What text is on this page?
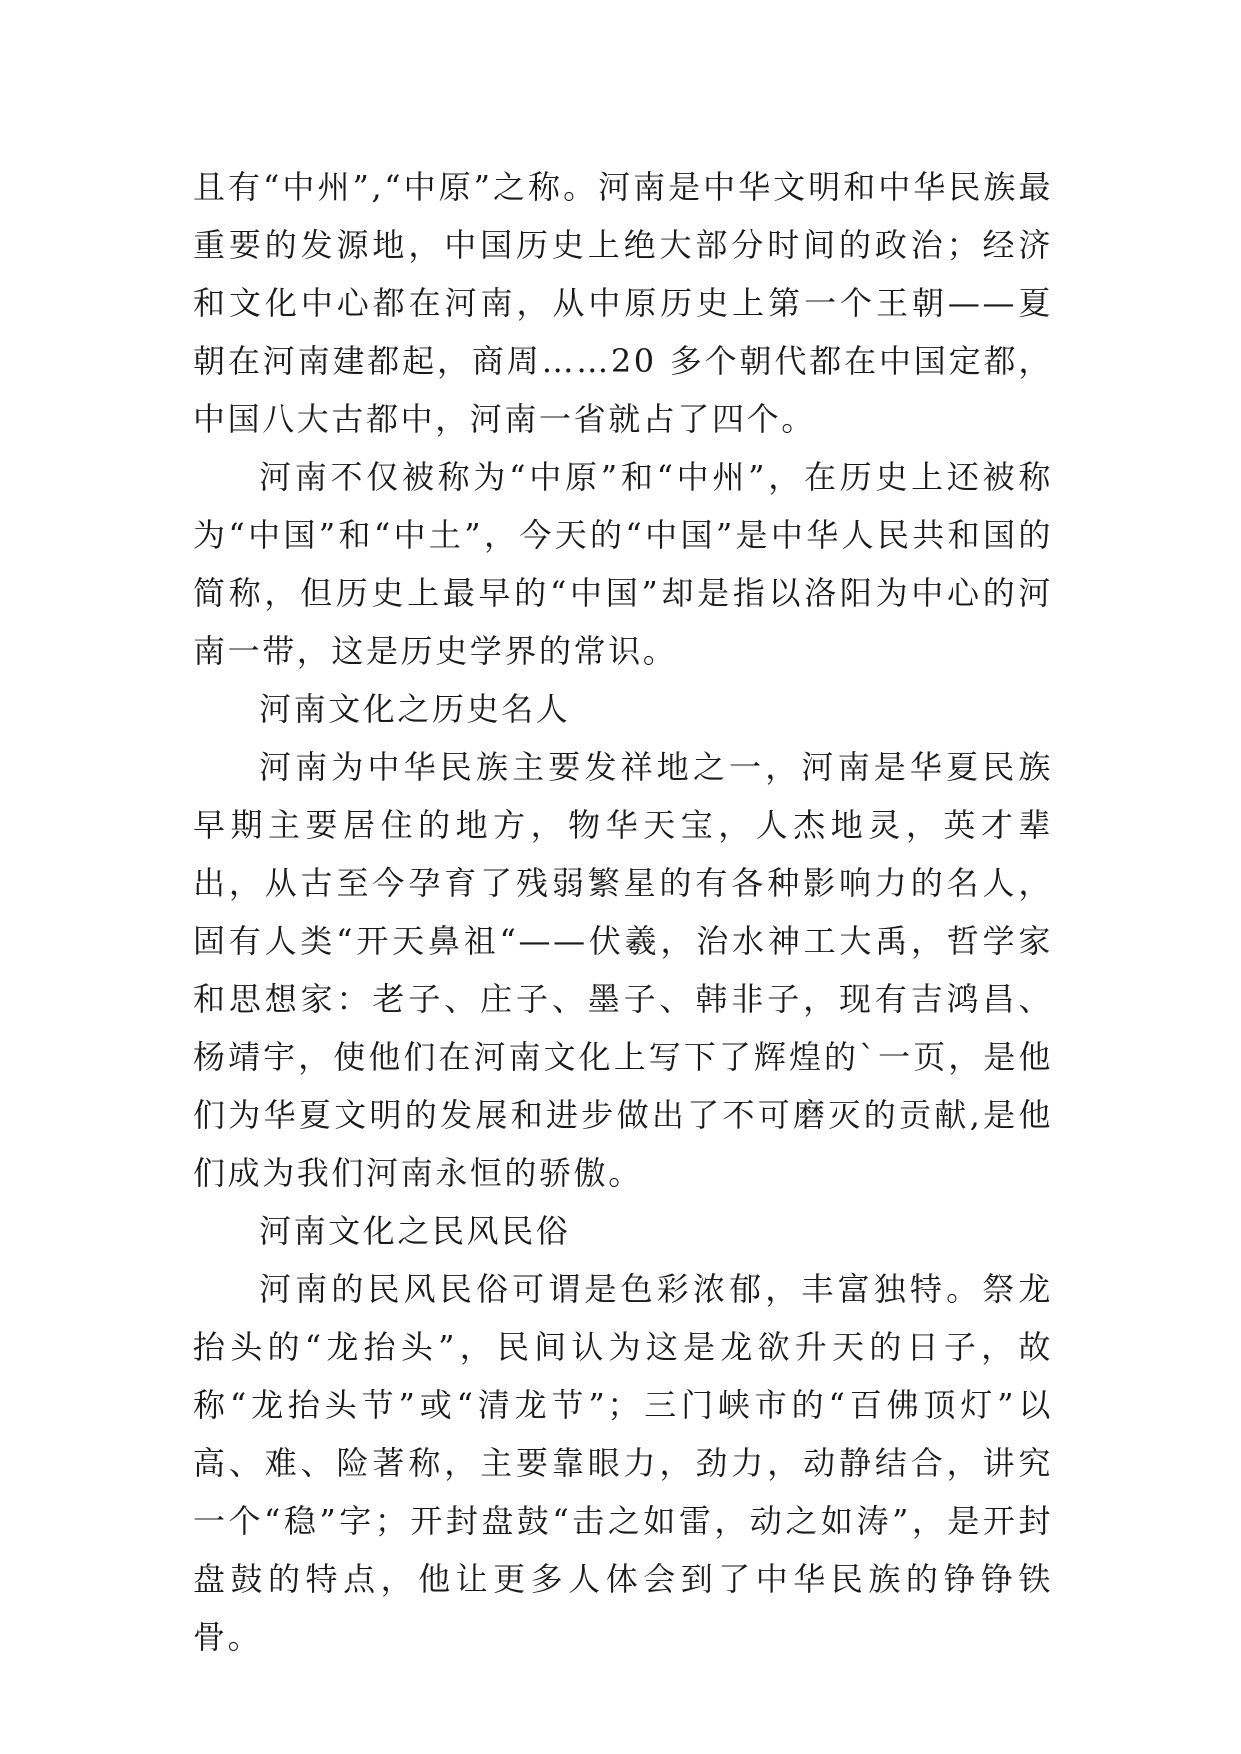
且有“中州”,“中原”之称。河南是中华文明和中华民族最重要的发源地，中国历史上绝大部分时间的政治；经济和文化中心都在河南，从中原历史上第一个王朝——夏朝在河南建都起，商周……20 多个朝代都在中国定都，中国八大古都中，河南一省就占了四个。

河南不仅被称为“中原”和“中州”，在历史上还被称为“中国”和“中土”，今天的“中国”是中华人民共和国的简称，但历史上最早的“中国”却是指以洛阳为中心的河南一带，这是历史学界的常识。

河南文化之历史名人

河南为中华民族主要发祥地之一，河南是华夏民族早期主要居住的地方，物华天宝，人杰地灵，英才辈出，从古至今孕育了残弱繁星的有各种影响力的名人，固有人类“开天鼻祖“——伏羲，治水神工大禹，哲学家和思想家：老子、庄子、墨子、韩非子，现有吉鸿昌、杨靖宇，使他们在河南文化上写下了辉煌的`一页，是他们为华夏文明的发展和进步做出了不可磨灭的贡献,是他们成为我们河南永恒的骄傲。

河南文化之民风民俗

河南的民风民俗可谓是色彩浓郁，丰富独特。祭龙抬头的“龙抬头”，民间认为这是龙欲升天的日子，故称“龙抬头节”或“清龙节”；三门峡市的“百佛顶灯”以高、难、险著称，主要靠眼力，劲力，动静结合，讲究一个“稳”字；开封盘鼓“击之如雷，动之如涛”，是开封盘鼓的特点，他让更多人体会到了中华民族的铮铮铁骨。
